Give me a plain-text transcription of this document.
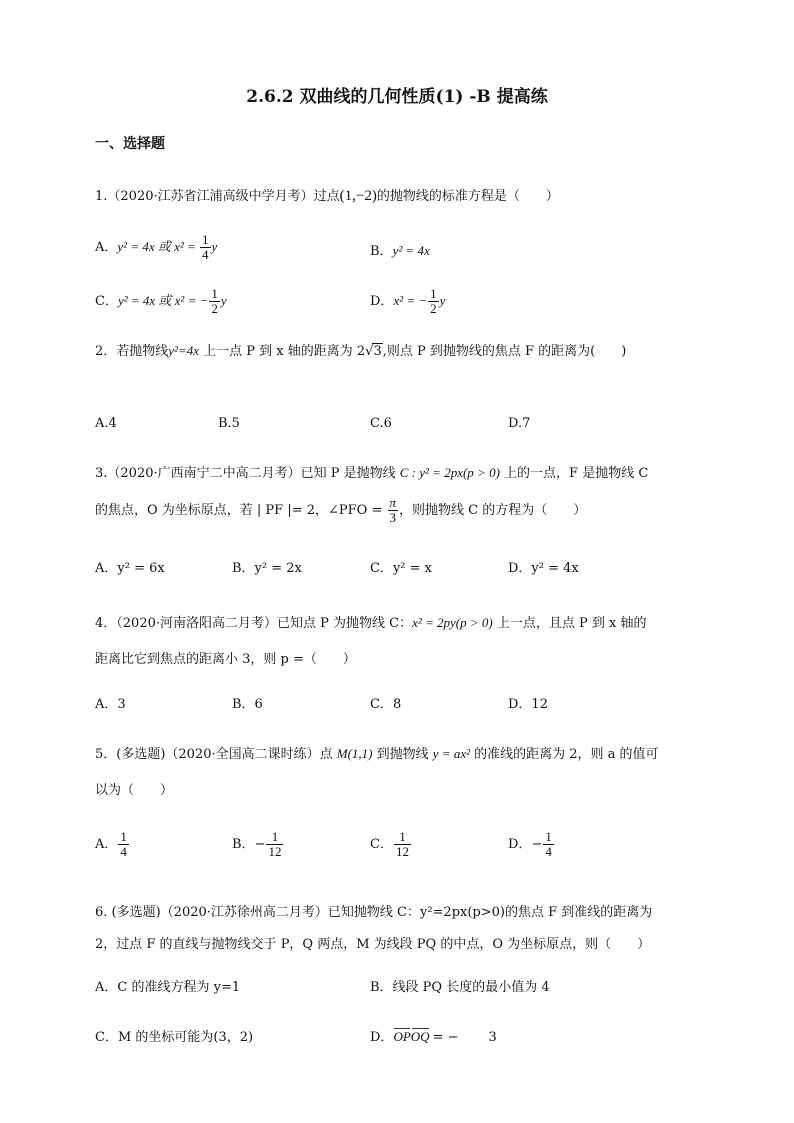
2.6.2 双曲线的几何性质(1) -B 提高练
一、选择题
1.（2020·江苏省江浦高级中学月考）过点(1,−2)的抛物线的标准方程是（　　）
A．y² = 4x 或 $x^2 = \frac{1}{4}$ y	B．y² = 4x
C．y² = 4x 或 x² = − $\frac{1}{2}$ y	D．x² = − $\frac{1}{2}$ y
2．若抛物线y²=4x 上一点 P 到 x 轴的距离为 2√3,则点 P 到抛物线的焦点 F 的距离为(　　)
A.4	B.5	C.6	D.7
3.（2020·广西南宁二中高二月考）已知 P 是抛物线 C : y² = 2px(p > 0) 上的一点，F 是抛物线 C
的焦点，O 为坐标原点，若 | PF |= 2，∠PFO = $\frac{\pi}{3}$ ，则抛物线 C 的方程为（　　）
A．y² = 6x	B．y² = 2x	C．y² = x	D．y² = 4x
4．（2020·河南洛阳高二月考）已知点 P 为抛物线 C：x² = 2py(p > 0) 上一点，且点 P 到 x 轴的
距离比它到焦点的距离小 3，则 p =（　　）
A．3	B．6	C．8	D．12
5．(多选题)（2020·全国高二课时练）点 M(1,1) 到抛物线 y = ax² 的准线的距离为 2，则 a 的值可
以为（　　）
A． $\frac{1}{4}$	B．− $\frac{1}{12}$	C． $\frac{1}{12}$	D．− $\frac{1}{4}$
6. (多选题)（2020·江苏徐州高二月考）已知抛物线 C：y²=2px(p>0)的焦点 F 到准线的距离为
2，过点 F 的直线与抛物线交于 P，Q 两点，M 为线段 PQ 的中点，O 为坐标原点，则（　　）
A．C 的准线方程为 y=1	B．线段 PQ 长度的最小值为 4
C．M 的坐标可能为(3，2)	D．OPOQ = − 3
